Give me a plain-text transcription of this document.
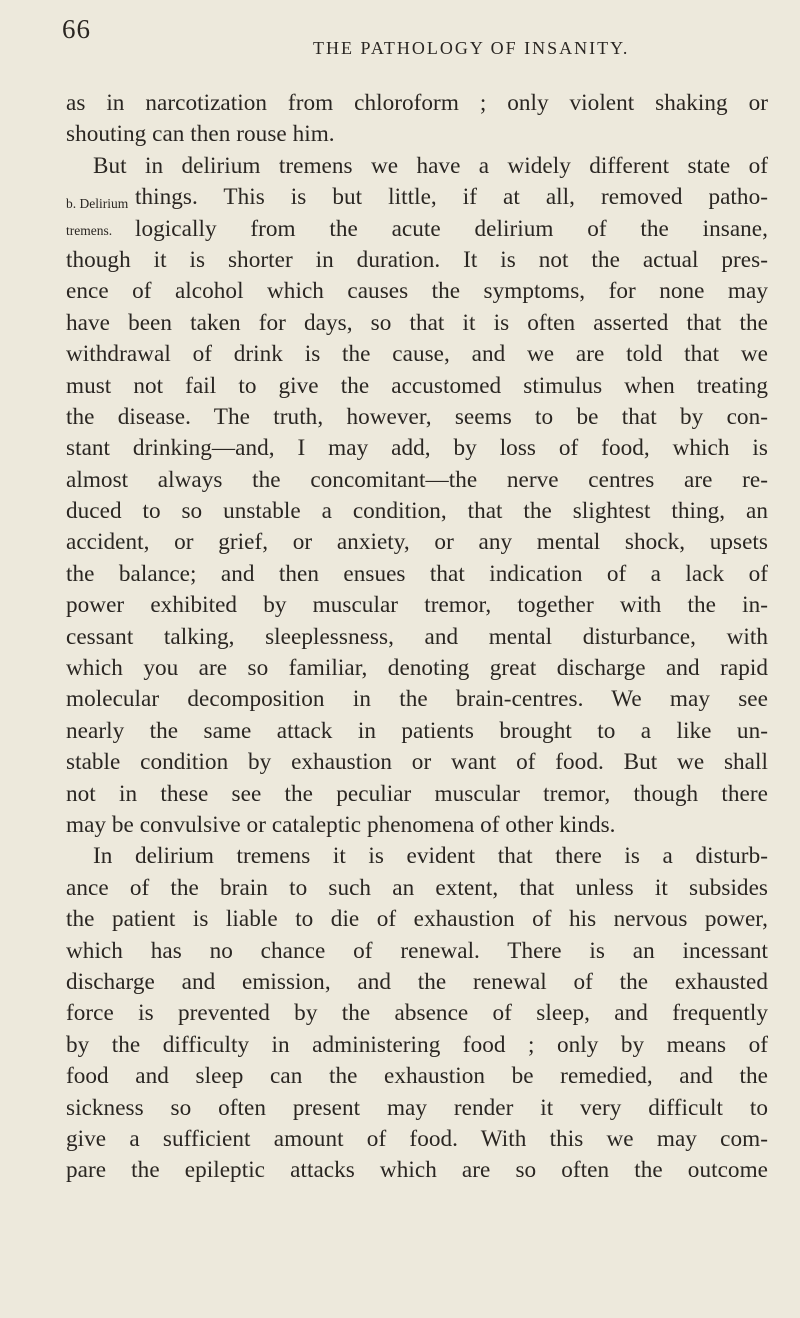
66
THE PATHOLOGY OF INSANITY.
b. Delirium
tremens.
as in narcotization from chloroform ; only violent shaking or
shouting can then rouse him.
But in delirium tremens we have a widely different state of
things. This is but little, if at all, removed patho-
logically from the acute delirium of the insane,
though it is shorter in duration. It is not the actual pres-
ence of alcohol which causes the symptoms, for none may
have been taken for days, so that it is often asserted that the
withdrawal of drink is the cause, and we are told that we
must not fail to give the accustomed stimulus when treating
the disease. The truth, however, seems to be that by con-
stant drinking—and, I may add, by loss of food, which is
almost always the concomitant—the nerve centres are re-
duced to so unstable a condition, that the slightest thing, an
accident, or grief, or anxiety, or any mental shock, upsets
the balance; and then ensues that indication of a lack of
power exhibited by muscular tremor, together with the in-
cessant talking, sleeplessness, and mental disturbance, with
which you are so familiar, denoting great discharge and rapid
molecular decomposition in the brain-centres. We may see
nearly the same attack in patients brought to a like un-
stable condition by exhaustion or want of food. But we shall
not in these see the peculiar muscular tremor, though there
may be convulsive or cataleptic phenomena of other kinds.
In delirium tremens it is evident that there is a disturb-
ance of the brain to such an extent, that unless it subsides
the patient is liable to die of exhaustion of his nervous power,
which has no chance of renewal. There is an incessant
discharge and emission, and the renewal of the exhausted
force is prevented by the absence of sleep, and frequently
by the difficulty in administering food ; only by means of
food and sleep can the exhaustion be remedied, and the
sickness so often present may render it very difficult to
give a sufficient amount of food. With this we may com-
pare the epileptic attacks which are so often the outcome
